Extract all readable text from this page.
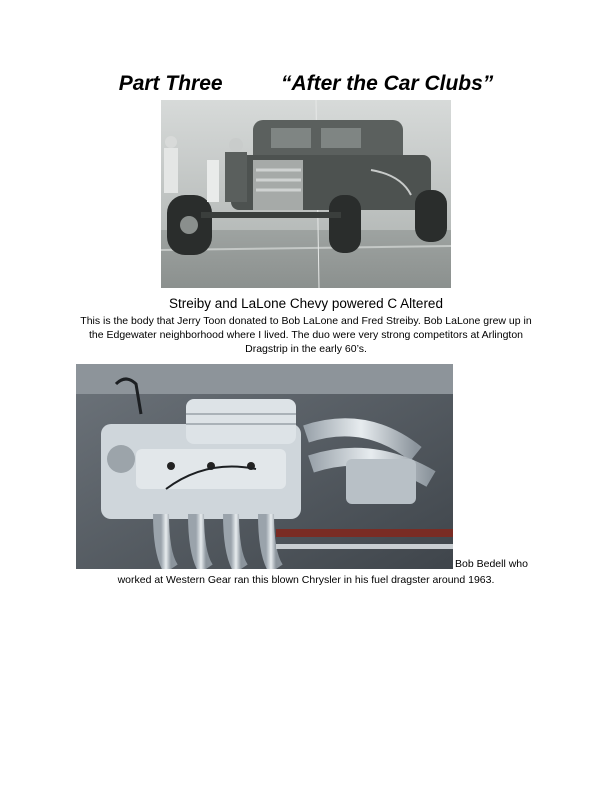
Part Three	“After the Car Clubs”
Streiby and LaLone Chevy powered C Altered
This is the body that Jerry Toon donated to Bob LaLone and Fred Streiby. Bob LaLone grew up in the Edgewater neighborhood where I lived. The duo were very strong competitors at Arlington Dragstrip in the early 60’s.
Bob Bedell who
worked at Western Gear ran this blown Chrysler in his fuel dragster around 1963.
